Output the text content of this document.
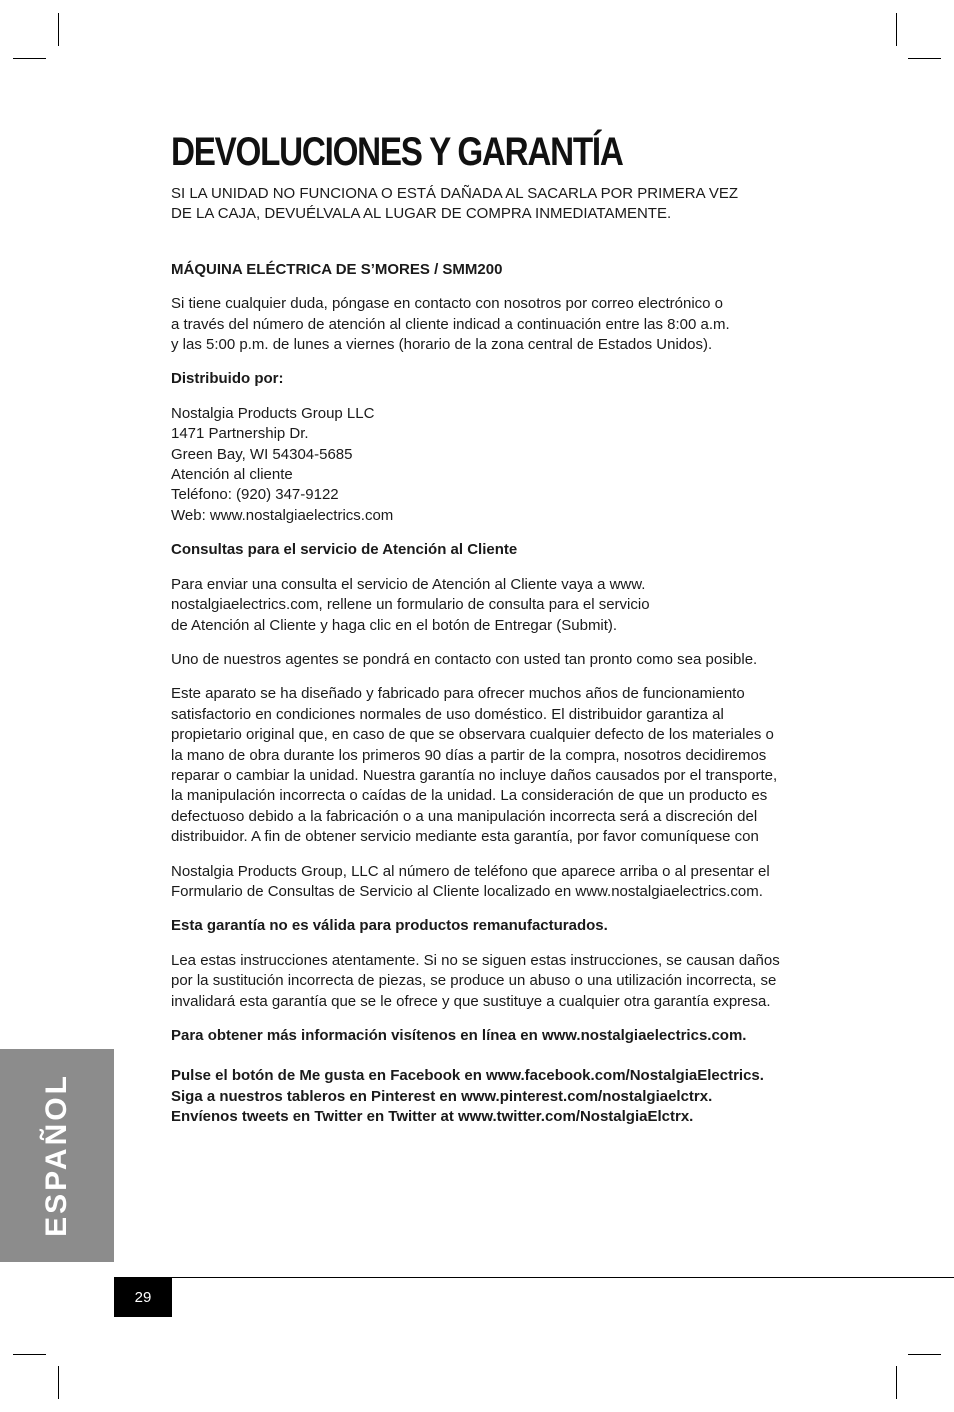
DEVOLUCIONES Y GARANTÍA

SI LA UNIDAD NO FUNCIONA O ESTÁ DAÑADA AL SACARLA POR PRIMERA VEZ

DE LA CAJA, DEVUÉLVALA AL LUGAR DE COMPRA INMEDIATAMENTE.

MÁQUINA ELÉCTRICA DE S’MORES / SMM200

Si tiene cualquier duda, póngase en contacto con nosotros por correo electrónico o

a través del número de atención al cliente indicad a continuación entre las 8:00 a.m.

y las 5:00 p.m. de lunes a viernes (horario de la zona central de Estados Unidos).

Distribuido por:

Nostalgia Products Group LLC

1471 Partnership Dr.

Green Bay, WI 54304-5685

Atención al cliente

Teléfono: (920) 347-9122

Web: www.nostalgiaelectrics.com

Consultas para el servicio de Atención al Cliente

Para enviar una consulta el servicio de Atención al Cliente vaya a www.

nostalgiaelectrics.com, rellene un formulario de consulta para el servicio

de Atención al Cliente y haga clic en el botón de Entregar (Submit).

Uno de nuestros agentes se pondrá en contacto con usted tan pronto como sea posible.

Este aparato se ha diseñado y fabricado para ofrecer muchos años de funcionamiento

satisfactorio en condiciones normales de uso doméstico. El distribuidor garantiza al

propietario original que, en caso de que se observara cualquier defecto de los materiales o

la mano de obra durante los primeros 90 días a partir de la compra, nosotros decidiremos

reparar o cambiar la unidad. Nuestra garantía no incluye daños causados por el transporte,

la manipulación incorrecta o caídas de la unidad. La consideración de que un producto es

defectuoso debido a la fabricación o a una manipulación incorrecta será a discreción del

distribuidor. A fin de obtener servicio mediante esta garantía, por favor comuníquese con

Nostalgia Products Group, LLC al número de teléfono que aparece arriba o al presentar el

Formulario de Consultas de Servicio al Cliente localizado en www.nostalgiaelectrics.com.

Esta garantía no es válida para productos remanufacturados.

Lea estas instrucciones atentamente. Si no se siguen estas instrucciones, se causan daños

por la sustitución incorrecta de piezas, se produce un abuso o una utilización incorrecta, se

invalidará esta garantía que se le ofrece y que sustituye a cualquier otra garantía expresa.

Para obtener más información visítenos en línea en www.nostalgiaelectrics.com.

Pulse el botón de Me gusta en Facebook en www.facebook.com/NostalgiaElectrics.

Siga a nuestros tableros en Pinterest en www.pinterest.com/nostalgiaelctrx.

Envíenos tweets en Twitter en Twitter at www.twitter.com/NostalgiaElctrx.

ESPAÑOL
29
